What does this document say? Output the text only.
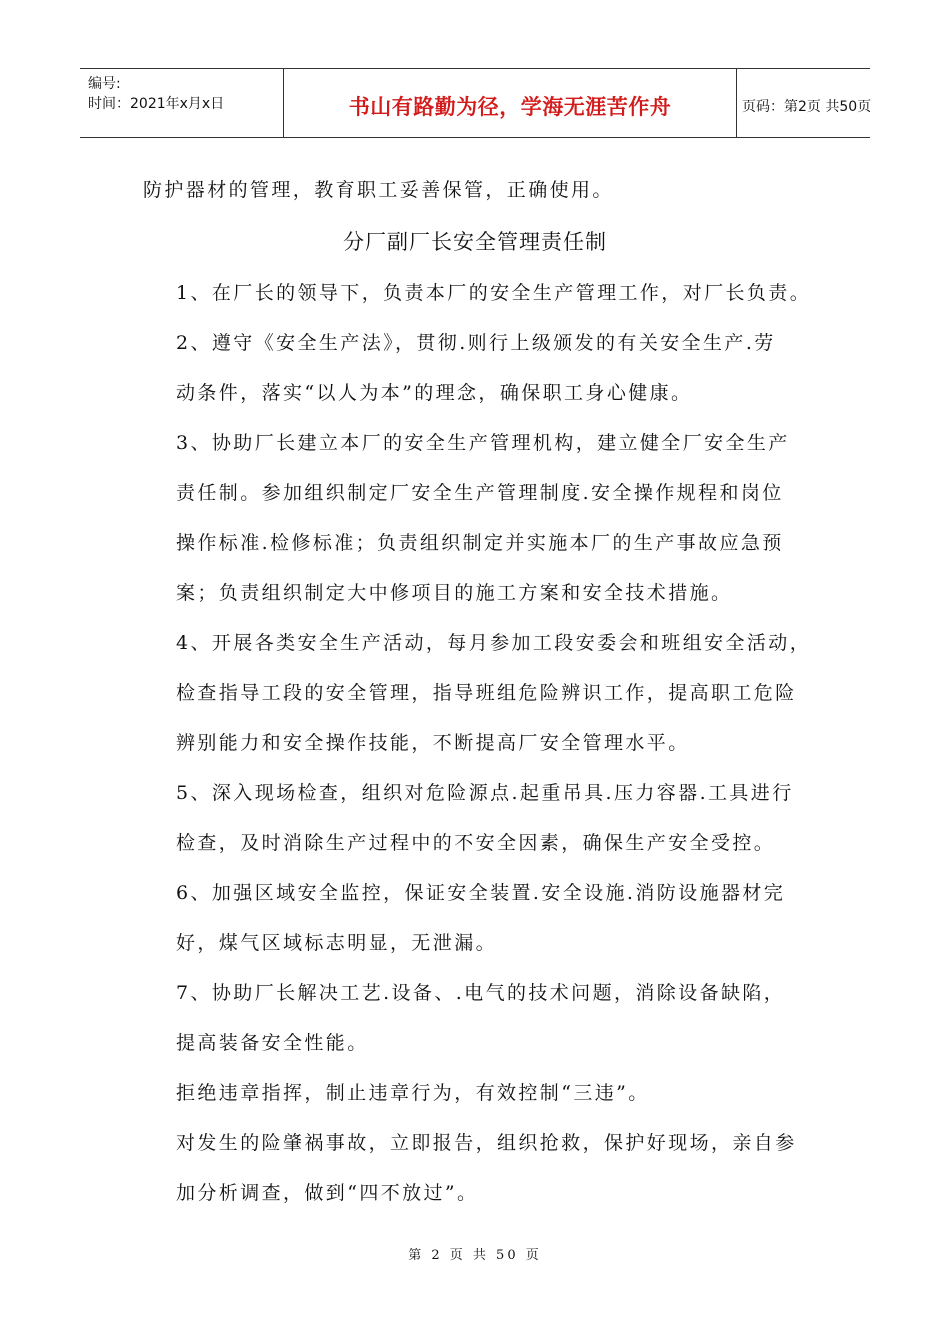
编号:
时间：2021年x月x日	书山有路勤为径，学海无涯苦作舟	页码：第2页 共50页
防护器材的管理，教育职工妥善保管，正确使用。
分厂副厂长安全管理责任制
1、在厂长的领导下，负责本厂的安全生产管理工作，对厂长负责。
2、遵守《安全生产法》，贯彻.则行上级颁发的有关安全生产.劳
动条件，落实“以人为本”的理念，确保职工身心健康。
3、协助厂长建立本厂的安全生产管理机构，建立健全厂安全生产
责任制。参加组织制定厂安全生产管理制度.安全操作规程和岗位
操作标准.检修标准；负责组织制定并实施本厂的生产事故应急预
案；负责组织制定大中修项目的施工方案和安全技术措施。
4、开展各类安全生产活动，每月参加工段安委会和班组安全活动，
检查指导工段的安全管理，指导班组危险辨识工作，提高职工危险
辨别能力和安全操作技能，不断提高厂安全管理水平。
5、深入现场检查，组织对危险源点.起重吊具.压力容器.工具进行
检查，及时消除生产过程中的不安全因素，确保生产安全受控。
6、加强区域安全监控，保证安全装置.安全设施.消防设施器材完
好，煤气区域标志明显，无泄漏。
7、协助厂长解决工艺.设备、.电气的技术问题，消除设备缺陷，
提高装备安全性能。
拒绝违章指挥，制止违章行为，有效控制“三违”。
对发生的险肇祸事故，立即报告，组织抢救，保护好现场，亲自参
加分析调查，做到“四不放过”。
第 2 页 共 50 页
